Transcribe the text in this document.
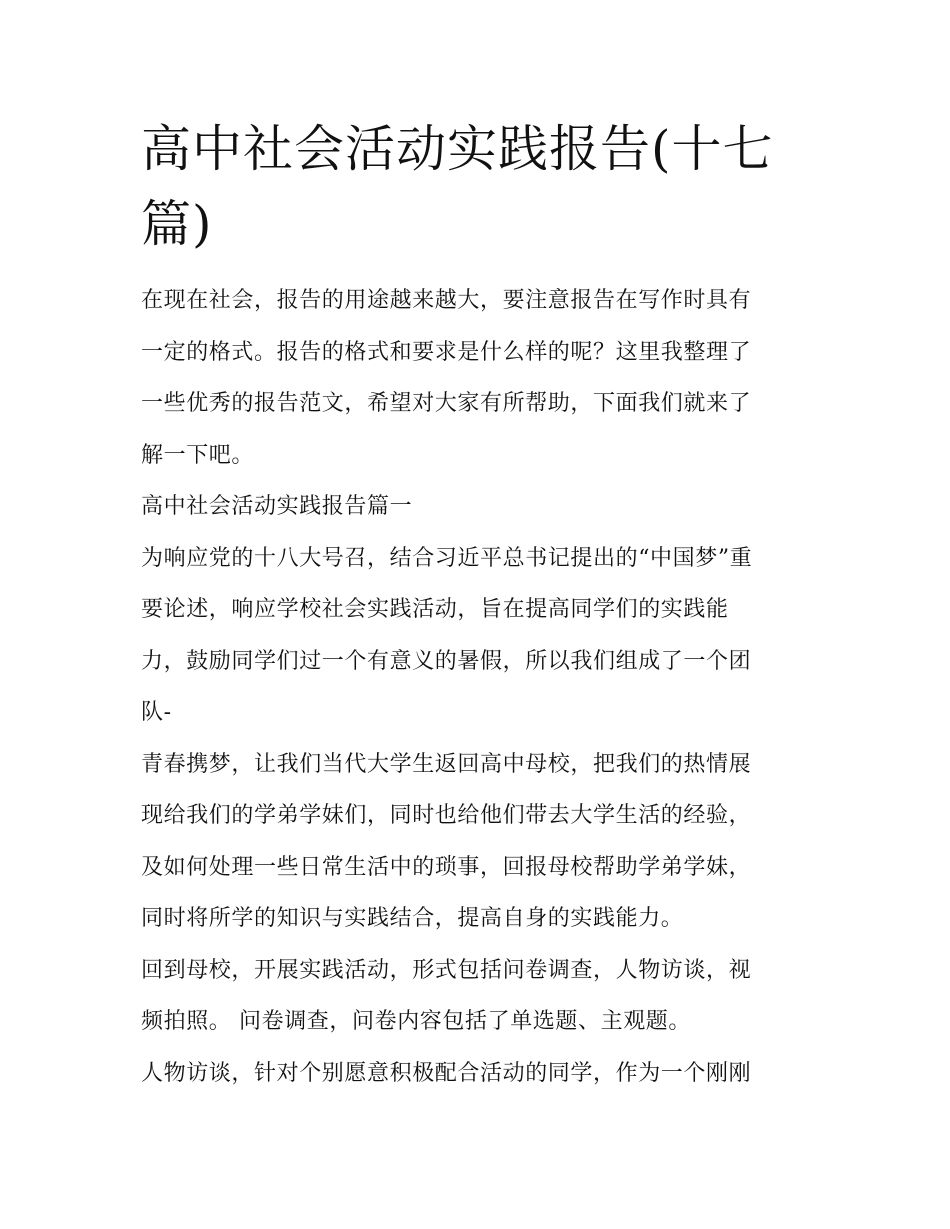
高中社会活动实践报告(十七
篇)

在现在社会，报告的用途越来越大，要注意报告在写作时具有

一定的格式。报告的格式和要求是什么样的呢？这里我整理了

一些优秀的报告范文，希望对大家有所帮助，下面我们就来了

解一下吧。

高中社会活动实践报告篇一

为响应党的十八大号召，结合习近平总书记提出的“中国梦”重

要论述，响应学校社会实践活动，旨在提高同学们的实践能

力，鼓励同学们过一个有意义的暑假，所以我们组成了一个团

队-

青春携梦，让我们当代大学生返回高中母校，把我们的热情展

现给我们的学弟学妹们，同时也给他们带去大学生活的经验，

及如何处理一些日常生活中的琐事，回报母校帮助学弟学妹，

同时将所学的知识与实践结合，提高自身的实践能力。

回到母校，开展实践活动，形式包括问卷调查，人物访谈，视

频拍照。 问卷调查，问卷内容包括了单选题、主观题。

人物访谈，针对个别愿意积极配合活动的同学，作为一个刚刚
